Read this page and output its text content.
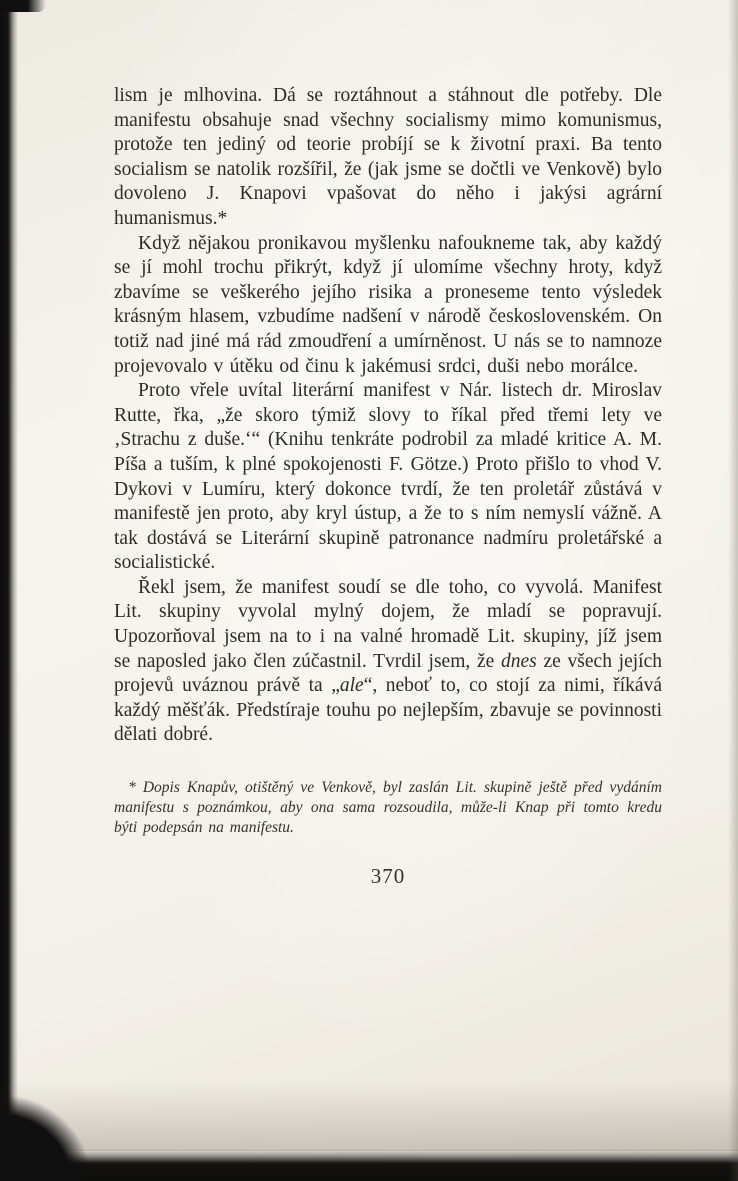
lism je mlhovina. Dá se roztáhnout a stáhnout dle potřeby. Dle manifestu obsahuje snad všechny socialismy mimo komunismus, protože ten jediný od teorie probíjí se k životní praxi. Ba tento socialism se natolik rozšířil, že (jak jsme se dočtli ve Venkově) bylo dovoleno J. Knapovi vpašovat do něho i jakýsi agrární humanismus.*

Když nějakou pronikavou myšlenku nafoukneme tak, aby každý se jí mohl trochu přikrýt, když jí ulomíme všechny hroty, když zbavíme se veškerého jejího risika a proneseme tento výsledek krásným hlasem, vzbudíme nadšení v národě československém. On totiž nad jiné má rád zmoudření a umírněnost. U nás se to namnoze projevovalo v útěku od činu k jakémusi srdci, duši nebo morálce.

Proto vřele uvítal literární manifest v Nár. listech dr. Miroslav Rutte, řka, „že skoro týmiž slovy to říkal před třemi lety ve ‚Strachu z duše.‘“ (Knihu tenkráte podrobil za mladé kritice A. M. Píša a tuším, k plné spokojenosti F. Götze.) Proto přišlo to vhod V. Dykovi v Lumíru, který dokonce tvrdí, že ten proletář zůstává v manifestě jen proto, aby kryl ústup, a že to s ním nemyslí vážně. A tak dostává se Literární skupině patronance nadmíru proletářské a socialistické.

Řekl jsem, že manifest soudí se dle toho, co vyvolá. Manifest Lit. skupiny vyvolal mylný dojem, že mladí se popravují. Upozorňoval jsem na to i na valné hromadě Lit. skupiny, jíž jsem se naposled jako člen zúčastnil. Tvrdil jsem, že dnes ze všech jejích projevů uváznou právě ta „ale“, neboť to, co stojí za nimi, říkává každý měšťák. Předstíraje touhu po nejlepším, zbavuje se povinnosti dělati dobré.

* Dopis Knapův, otištěný ve Venkově, byl zaslán Lit. skupině ještě před vydáním manifestu s poznámkou, aby ona sama rozsoudila, může-li Knap při tomto kredu býti podepsán na manifestu.

370
